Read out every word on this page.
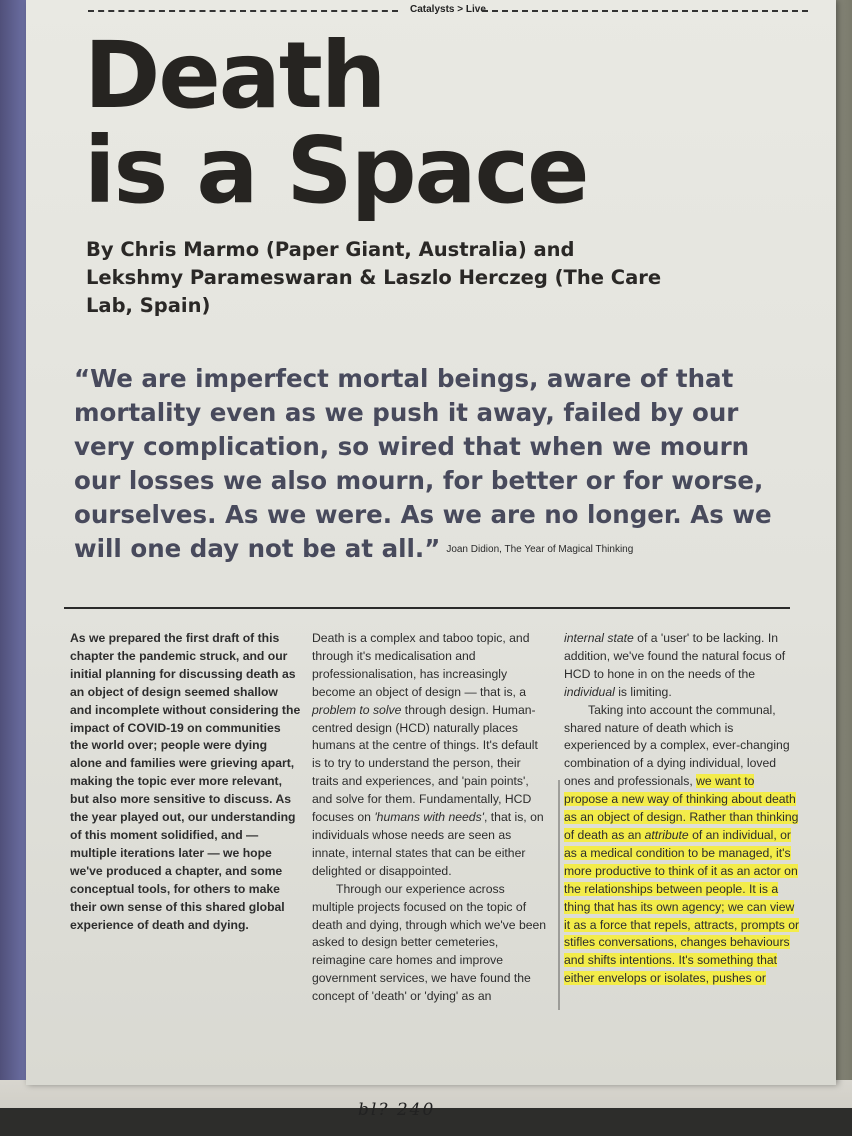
bl? 240
Catalysts > Live
Death
is a Space
By Chris Marmo (Paper Giant, Australia) and Lekshmy Parameswaran & Laszlo Herczeg (The Care Lab, Spain)
“We are imperfect mortal beings, aware of that mortality even as we push it away, failed by our very complication, so wired that when we mourn our losses we also mourn, for better or for worse, ourselves. As we were. As we are no longer. As we will one day not be at all.” Joan Didion, The Year of Magical Thinking

As we prepared the first draft of this chapter the pandemic struck, and our initial planning for discussing death as an object of design seemed shallow and incomplete without considering the impact of COVID-19 on communities the world over; people were dying alone and families were grieving apart, making the topic ever more relevant, but also more sensitive to discuss. As the year played out, our understanding of this moment solidified, and — multiple iterations later — we hope we've produced a chapter, and some conceptual tools, for others to make their own sense of this shared global experience of death and dying.

Death is a complex and taboo topic, and through it's medicalisation and professionalisation, has increasingly become an object of design — that is, a problem to solve through design. Human-centred design (HCD) naturally places humans at the centre of things. It's default is to try to understand the person, their traits and experiences, and 'pain points', and solve for them. Fundamentally, HCD focuses on 'humans with needs', that is, on individuals whose needs are seen as innate, internal states that can be either delighted or disappointed.

Through our experience across multiple projects focused on the topic of death and dying, through which we've been asked to design better cemeteries, reimagine care homes and improve government services, we have found the concept of 'death' or 'dying' as an

internal state of a 'user' to be lacking. In addition, we've found the natural focus of HCD to hone in on the needs of the individual is limiting.

Taking into account the communal, shared nature of death which is experienced by a complex, ever-changing combination of a dying individual, loved ones and professionals, we want to propose a new way of thinking about death as an object of design. Rather than thinking of death as an attribute of an individual, or as a medical condition to be managed, it's more productive to think of it as an actor on the relationships between people. It is a thing that has its own agency; we can view it as a force that repels, attracts, prompts or stifles conversations, changes behaviours and shifts intentions. It's something that either envelops or isolates, pushes or
